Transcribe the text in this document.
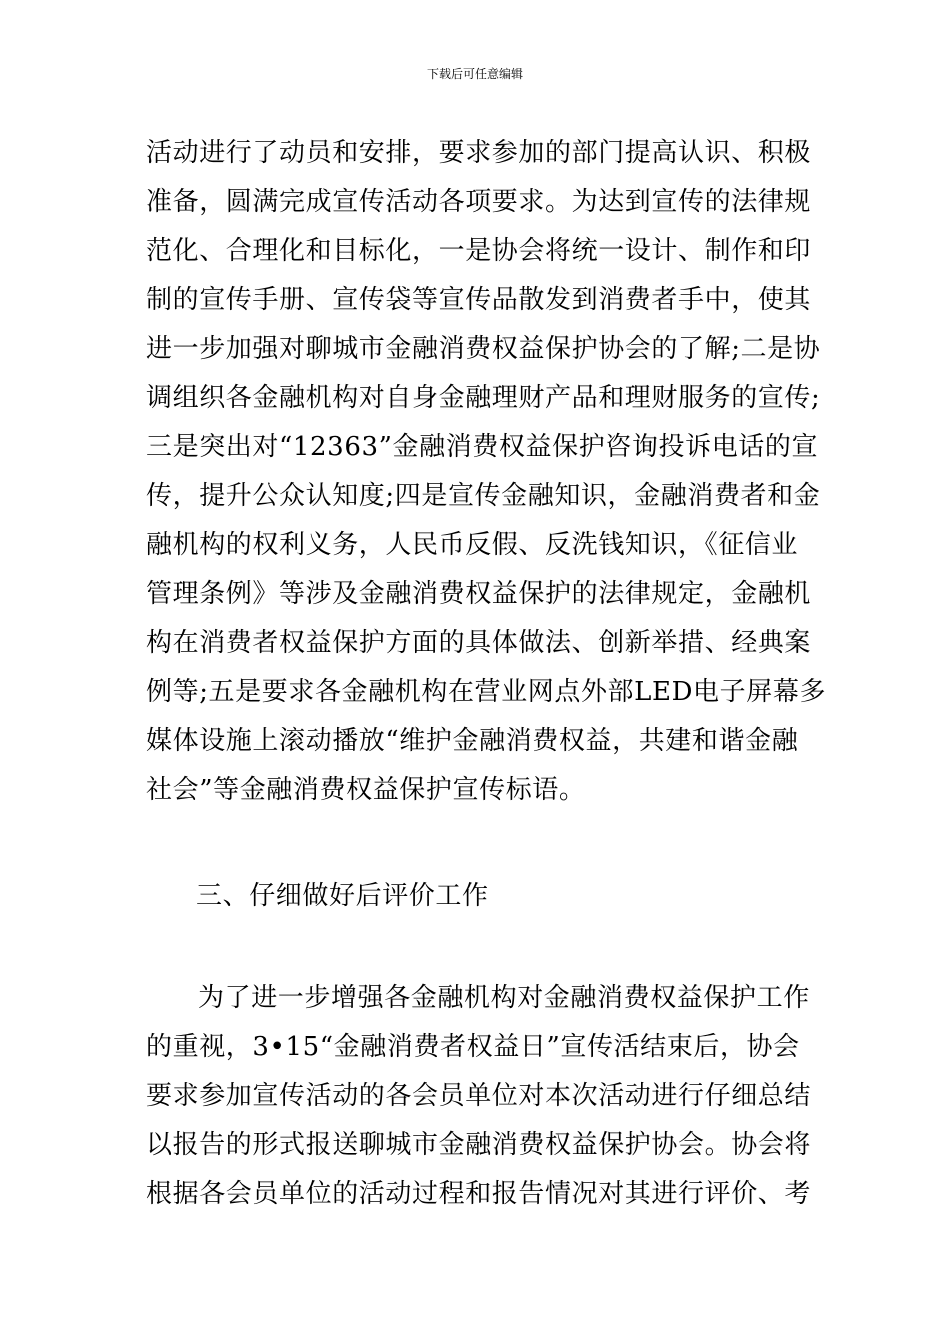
下载后可任意编辑
活动进行了动员和安排，要求参加的部门提高认识、积极
准备，圆满完成宣传活动各项要求。为达到宣传的法律规
范化、合理化和目标化，一是协会将统一设计、制作和印
制的宣传手册、宣传袋等宣传品散发到消费者手中，使其
进一步加强对聊城市金融消费权益保护协会的了解;二是协
调组织各金融机构对自身金融理财产品和理财服务的宣传;
三是突出对“12363”金融消费权益保护咨询投诉电话的宣
传，提升公众认知度;四是宣传金融知识，金融消费者和金
融机构的权利义务，人民币反假、反洗钱知识，《征信业
管理条例》等涉及金融消费权益保护的法律规定，金融机
构在消费者权益保护方面的具体做法、创新举措、经典案
例等;五是要求各金融机构在营业网点外部LED电子屏幕多
媒体设施上滚动播放“维护金融消费权益，共建和谐金融
社会”等金融消费权益保护宣传标语。
三、仔细做好后评价工作
为了进一步增强各金融机构对金融消费权益保护工作
的重视，3•15“金融消费者权益日”宣传活结束后，协会
要求参加宣传活动的各会员单位对本次活动进行仔细总结
以报告的形式报送聊城市金融消费权益保护协会。协会将
根据各会员单位的活动过程和报告情况对其进行评价、考
